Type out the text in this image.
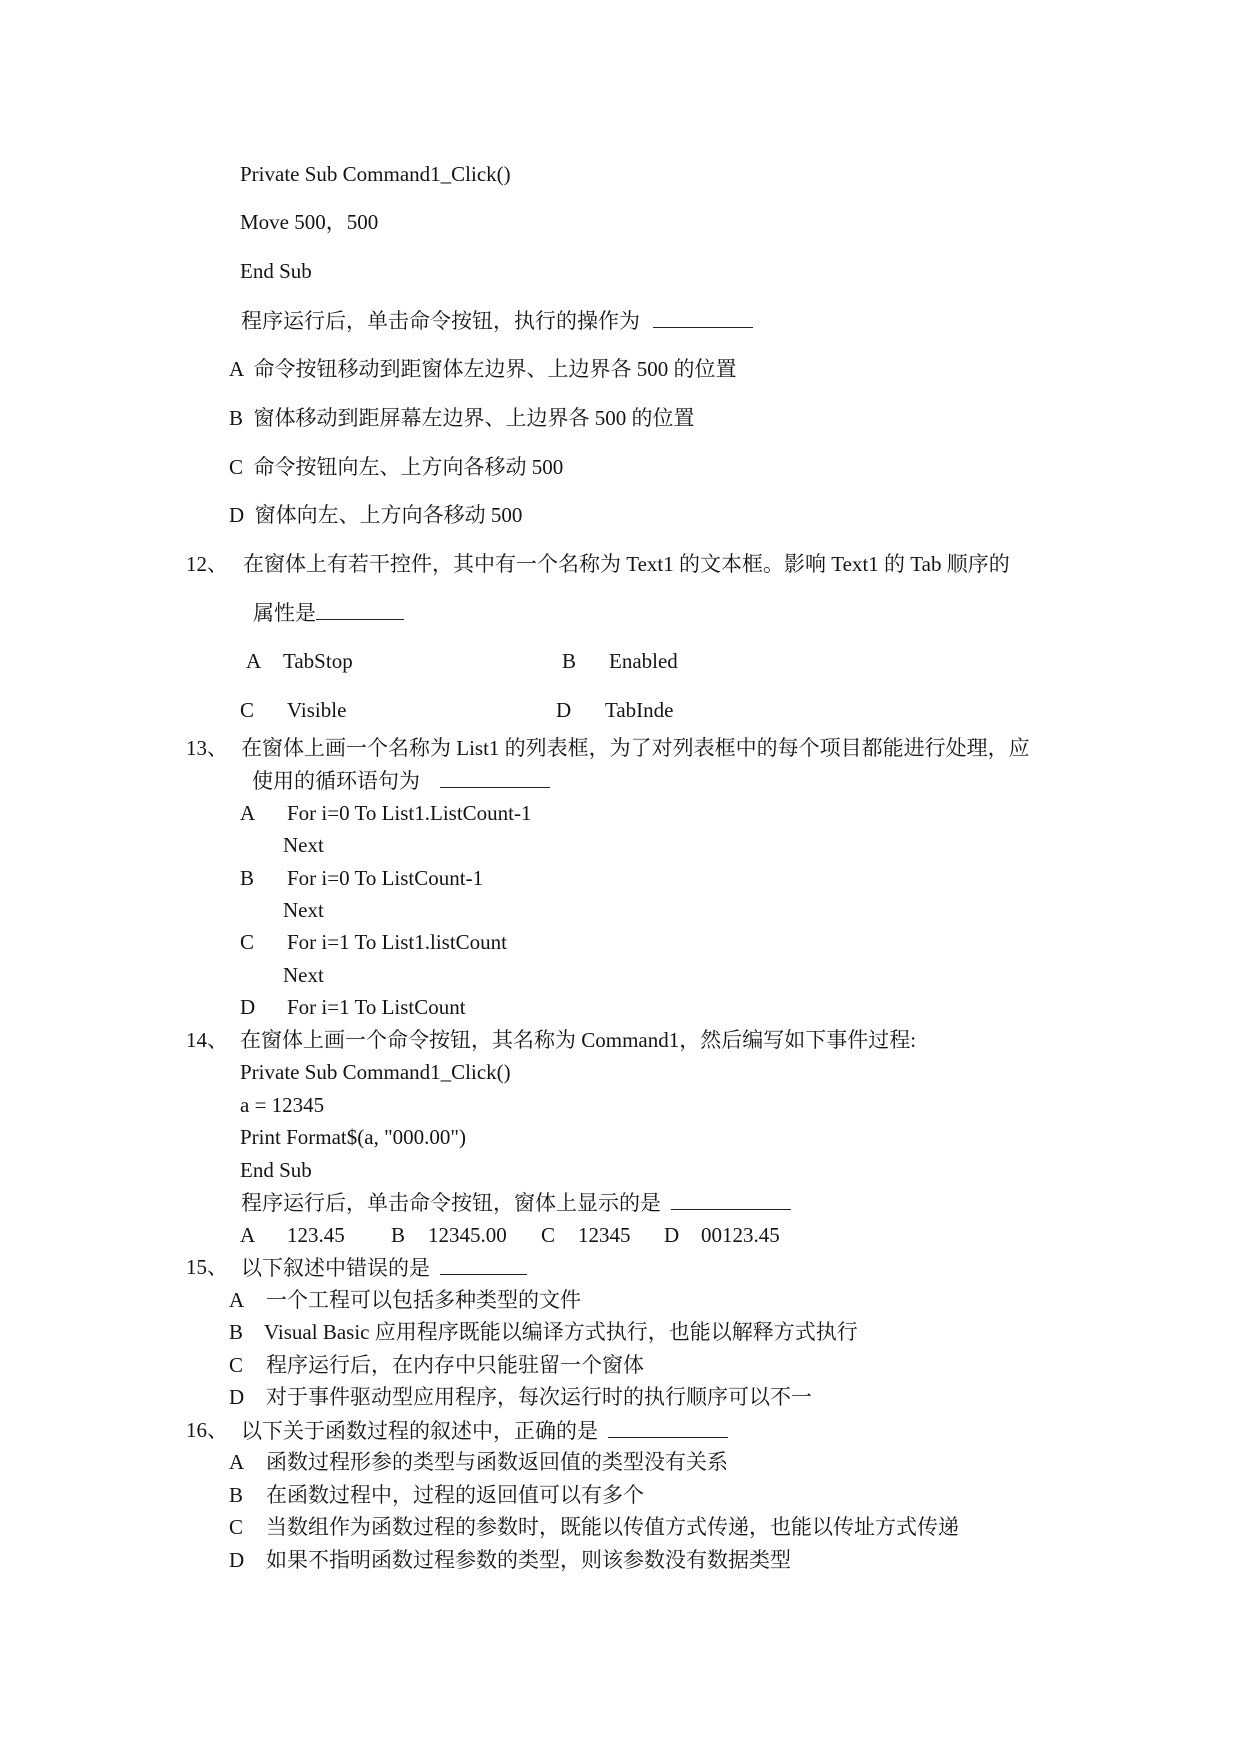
Private Sub Command1_Click()
Move 500，500
End Sub
程序运行后，单击命令按钮，执行的操作为
A 命令按钮移动到距窗体左边界、上边界各 500 的位置
B 窗体移动到距屏幕左边界、上边界各 500 的位置
C 命令按钮向左、上方向各移动 500
D 窗体向左、上方向各移动 500
12、 在窗体上有若干控件，其中有一个名称为 Text1 的文本框。影响 Text1 的 Tab 顺序的
属性是
A TabStop	B Enabled
C Visible	D TabInde
13、 在窗体上画一个名称为 List1 的列表框，为了对列表框中的每个项目都能进行处理，应
使用的循环语句为
A For i=0 To List1.ListCount-1
Next
B For i=0 To ListCount-1
Next
C For i=1 To List1.listCount
Next
D For i=1 To ListCount
14、 在窗体上画一个命令按钮，其名称为 Command1，然后编写如下事件过程:
Private Sub Command1_Click()
a = 12345
Print Format$(a, "000.00")
End Sub
程序运行后，单击命令按钮，窗体上显示的是
A 123.45 B 12345.00 C 12345 D 00123.45
15、 以下叙述中错误的是
A 一个工程可以包括多种类型的文件
B Visual Basic 应用程序既能以编译方式执行，也能以解释方式执行
C 程序运行后，在内存中只能驻留一个窗体
D 对于事件驱动型应用程序，每次运行时的执行顺序可以不一
16、 以下关于函数过程的叙述中，正确的是
A 函数过程形参的类型与函数返回值的类型没有关系
B 在函数过程中，过程的返回值可以有多个
C 当数组作为函数过程的参数时，既能以传值方式传递，也能以传址方式传递
D 如果不指明函数过程参数的类型，则该参数没有数据类型
